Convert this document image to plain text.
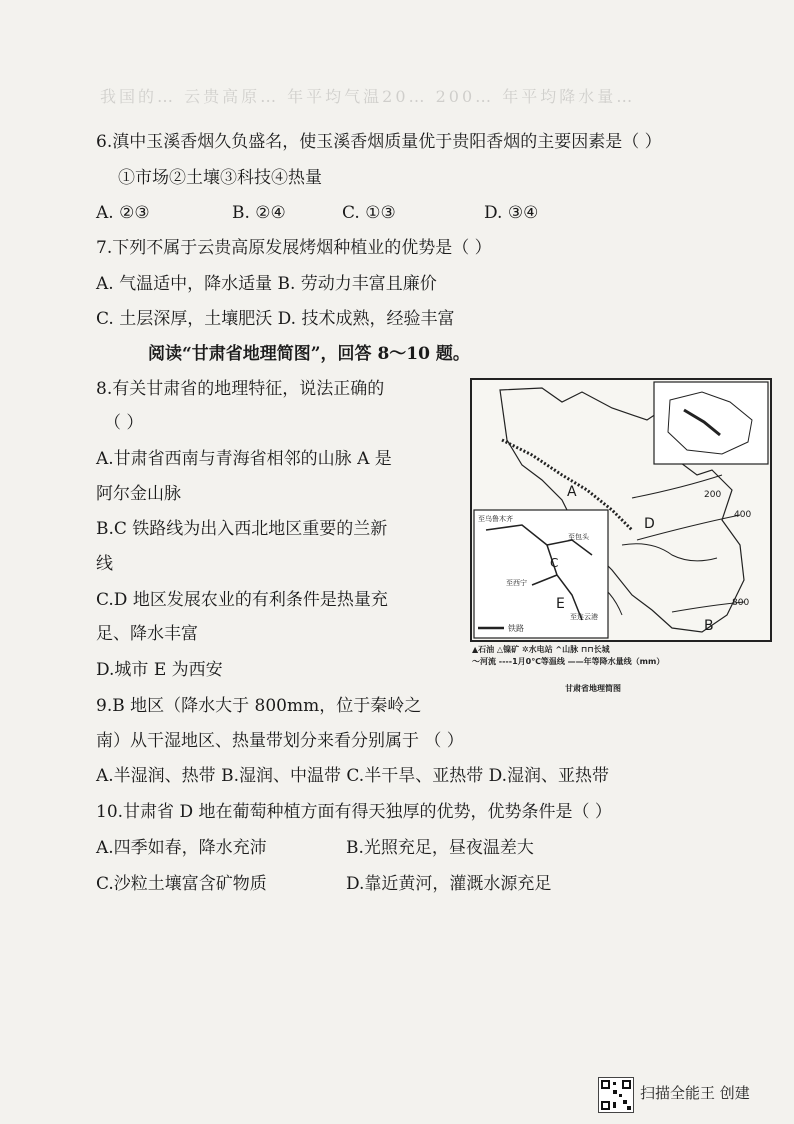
我国的… 云贵高原… 年平均气温20… 200… 年平均降水量…
6.滇中玉溪香烟久负盛名，使玉溪香烟质量优于贵阳香烟的主要因素是（ ）
①市场②土壤③科技④热量
A. ②③	B. ②④	C. ①③	D. ③④
7.下列不属于云贵高原发展烤烟种植业的优势是（ ）
A. 气温适中，降水适量 B. 劳动力丰富且廉价
C. 土层深厚，土壤肥沃 D. 技术成熟，经验丰富
阅读“甘肃省地理简图”，回答 8～10 题。
8.有关甘肃省的地理特征，说法正确的
（ ）
A.甘肃省西南与青海省相邻的山脉 A 是
阿尔金山脉
B.C 铁路线为出入西北地区重要的兰新
线
C.D 地区发展农业的有利条件是热量充
足、降水丰富
D.城市 E 为西安
A
B
C
D
E
200
400
800
至乌鲁木齐
至包头
至西宁
至连云港
铁路
▲石油 △镍矿 ✲水电站 ^山脉 ⊓⊓长城
～河流 ----1月0℃等温线 ——年等降水量线（mm）
甘肃省地理简图
9.B 地区（降水大于 800mm，位于秦岭之
南）从干湿地区、热量带划分来看分别属于 （ ）
A.半湿润、热带 B.湿润、中温带 C.半干旱、亚热带 D.湿润、亚热带
10.甘肃省 D 地在葡萄种植方面有得天独厚的优势，优势条件是（ ）
A.四季如春，降水充沛	B.光照充足，昼夜温差大
C.沙粒土壤富含矿物质	D.靠近黄河，灌溉水源充足
扫描全能王 创建
